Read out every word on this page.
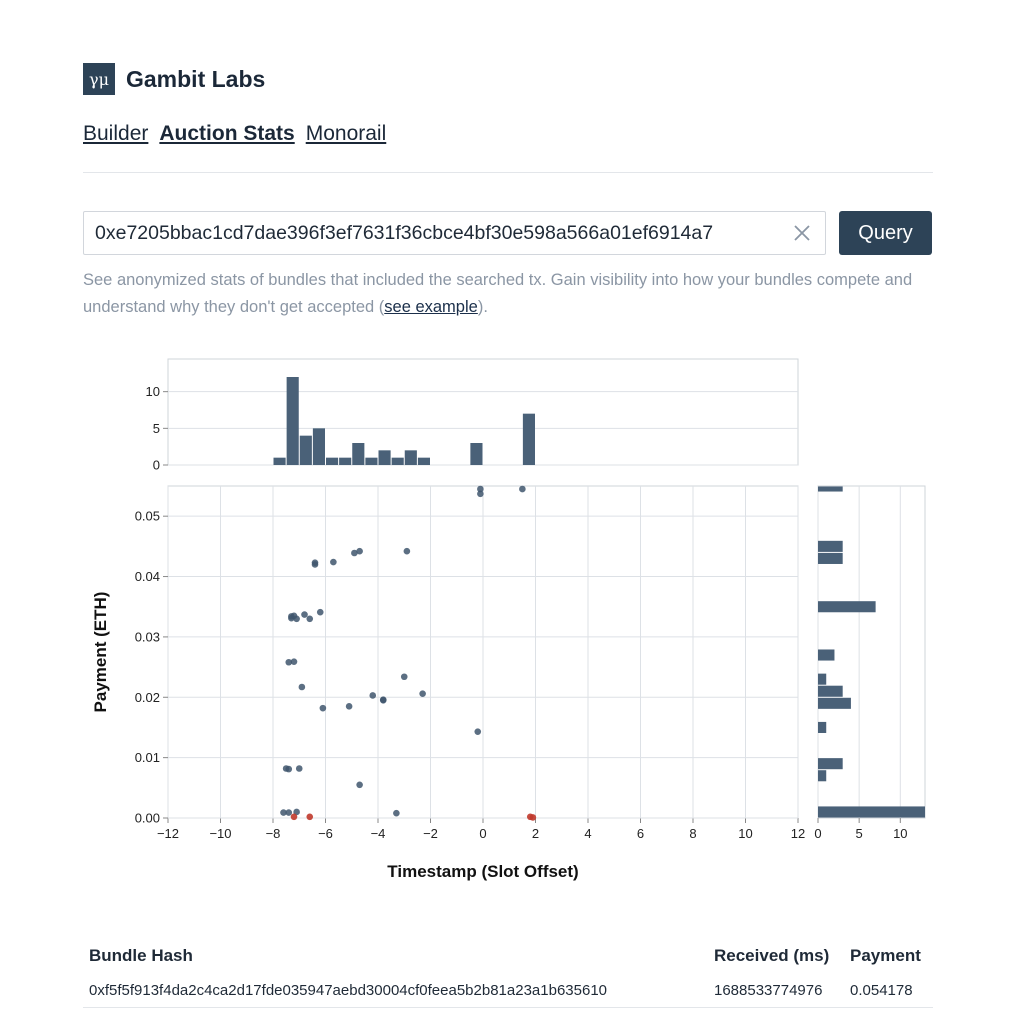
γμ Gambit Labs
Builder Auction Stats Monorail
0xe7205bbac1cd7dae396f3ef7631f36cbce4bf30e598a566a01ef6914a7
Query
See anonymized stats of bundles that included the searched tx. Gain visibility into how your bundles compete and understand why they don't get accepted (see example).
0
5
10
−12 −10	−8	−6	−4	−2	0	2	4	6	8	10	12
0.00
0.01
0.02
0.03
0.04
0.05
0	5 10
Timestamp (Slot Offset)
Payment (ETH)
Bundle Hash	Received (ms)	Payment
0xf5f5f913f4da2c4ca2d17fde035947aebd30004cf0feea5b2b81a23a1b635610	1688533774976	0.054178
